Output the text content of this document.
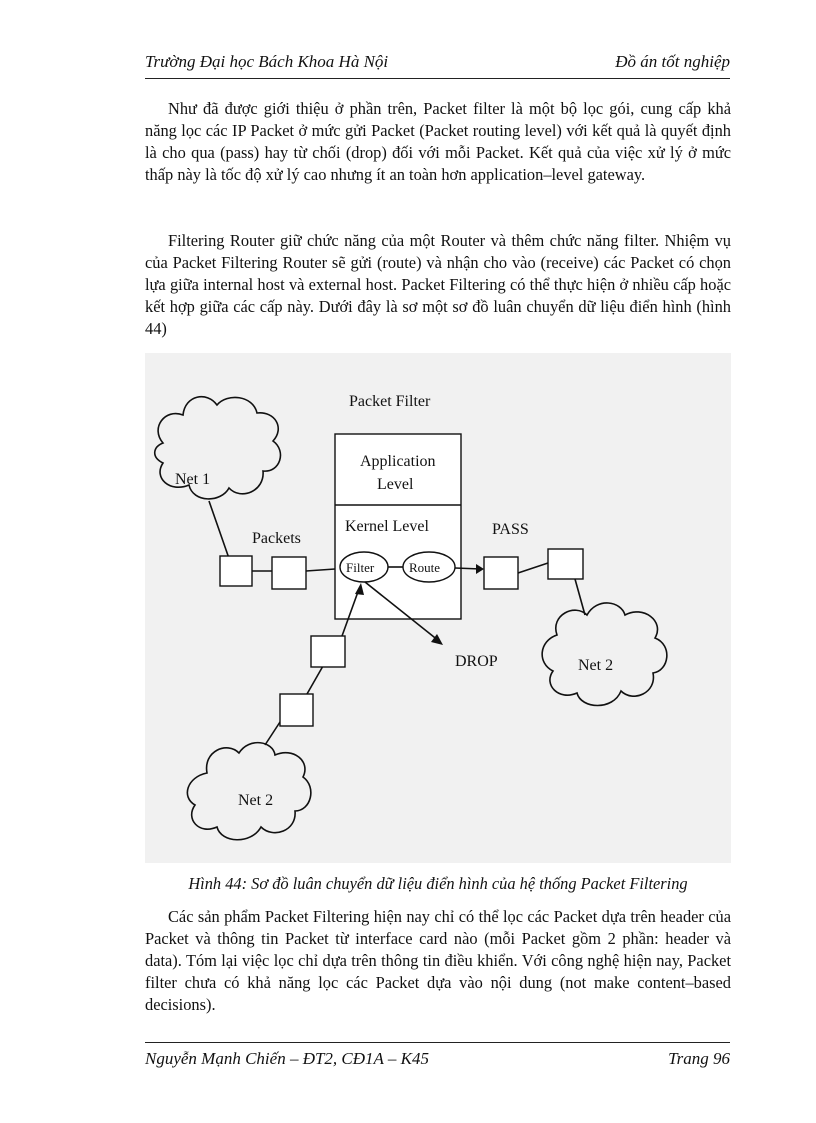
Trường Đại học Bách Khoa Hà Nội	Đồ án tốt nghiệp

Như đã được giới thiệu ở phần trên, Packet filter là một bộ lọc gói, cung cấp khả năng lọc các IP Packet ở mức gửi Packet (Packet routing level) với kết quả là quyết định là cho qua (pass) hay từ chối (drop) đối với mỗi Packet. Kết quả của việc xử lý ở mức thấp này là tốc độ xử lý cao nhưng ít an toàn hơn application–level gateway.

Filtering Router giữ chức năng của một Router và thêm chức năng filter. Nhiệm vụ của Packet Filtering Router sẽ gửi (route) và nhận cho vào (receive) các Packet có chọn lựa giữa internal host và external host. Packet Filtering có thể thực hiện ở nhiều cấp hoặc kết hợp giữa các cấp này. Dưới đây là sơ một sơ đồ luân chuyển dữ liệu điển hình (hình 44)

Net 1
Net 2
Net 2
Packet Filter
Application
Level
Kernel Level
Filter	Route
Packets
PASS
DROP
Hình 44: Sơ đồ luân chuyển dữ liệu điển hình của hệ thống Packet Filtering

Các sản phẩm Packet Filtering hiện nay chỉ có thể lọc các Packet dựa trên header của Packet và thông tin Packet từ interface card nào (mỗi Packet gồm 2 phần: header và data). Tóm lại việc lọc chỉ dựa trên thông tin điều khiển. Với công nghệ hiện nay, Packet filter chưa có khả năng lọc các Packet dựa vào nội dung (not make content–based decisions).

Nguyễn Mạnh Chiến – ĐT2, CĐ1A – K45	Trang 96
